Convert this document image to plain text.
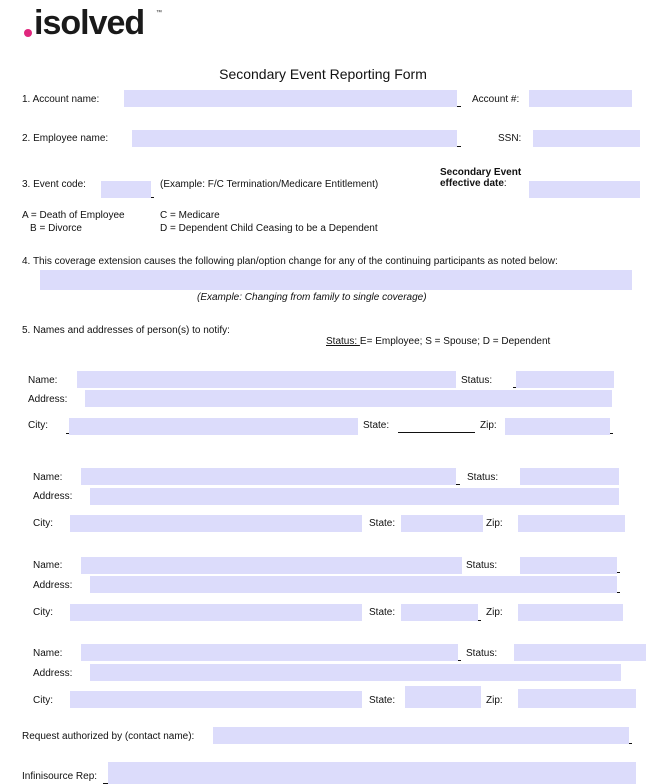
isolved ™
Secondary Event Reporting Form
1. Account name:	Account #:
2. Employee name:	SSN:
3. Event code:	(Example: F/C Termination/Medicare Entitlement)
Secondary Event
effective date:
A = Death of Employee
B = Divorce
C = Medicare
D = Dependent Child Ceasing to be a Dependent
4. This coverage extension causes the following plan/option change for any of the continuing participants as noted below:
(Example: Changing from family to single coverage)
5. Names and addresses of person(s) to notify:
Status: E= Employee; S = Spouse; D = Dependent
Name:	Status:
Address:
City:	State:	Zip:
Name:	Status:
Address:
City:	State:	Zip:
Name:	Status:
Address:
City:	State:	Zip:
Name:	Status:
Address:
City:	State:	Zip:
Request authorized by (contact name):
Infinisource Rep:
